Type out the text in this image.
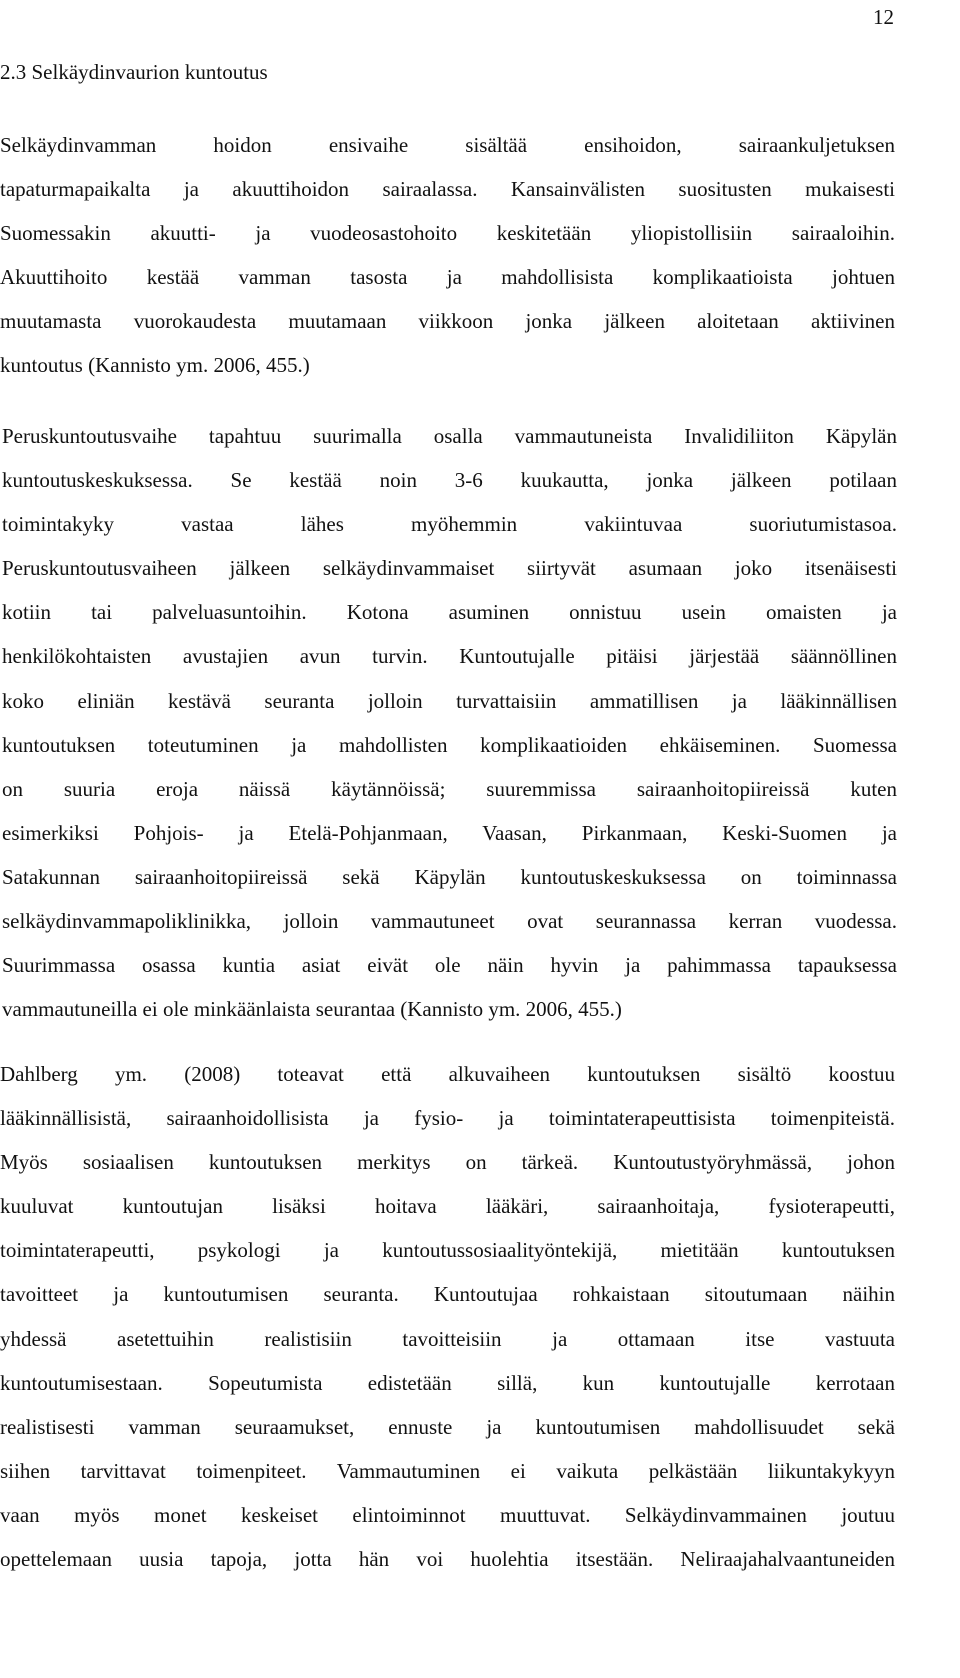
12
2.3 Selkäydinvaurion kuntoutus
Selkäydinvamman hoidon ensivaihe sisältää ensihoidon, sairaankuljetuksen
tapaturmapaikalta ja akuuttihoidon sairaalassa. Kansainvälisten suositusten mukaisesti
Suomessakin akuutti- ja vuodeosastohoito keskitetään yliopistollisiin sairaaloihin.
Akuuttihoito kestää vamman tasosta ja mahdollisista komplikaatioista johtuen
muutamasta vuorokaudesta muutamaan viikkoon jonka jälkeen aloitetaan aktiivinen
kuntoutus (Kannisto ym. 2006, 455.)
Peruskuntoutusvaihe tapahtuu suurimalla osalla vammautuneista Invalidiliiton Käpylän
kuntoutuskeskuksessa. Se kestää noin 3-6 kuukautta, jonka jälkeen potilaan
toimintakyky vastaa lähes myöhemmin vakiintuvaa suoriutumistasoa.
Peruskuntoutusvaiheen jälkeen selkäydinvammaiset siirtyvät asumaan joko itsenäisesti
kotiin tai palveluasuntoihin. Kotona asuminen onnistuu usein omaisten ja
henkilökohtaisten avustajien avun turvin. Kuntoutujalle pitäisi järjestää säännöllinen
koko eliniän kestävä seuranta jolloin turvattaisiin ammatillisen ja lääkinnällisen
kuntoutuksen toteutuminen ja mahdollisten komplikaatioiden ehkäiseminen. Suomessa
on suuria eroja näissä käytännöissä; suuremmissa sairaanhoitopiireissä kuten
esimerkiksi Pohjois- ja Etelä-Pohjanmaan, Vaasan, Pirkanmaan, Keski-Suomen ja
Satakunnan sairaanhoitopiireissä sekä Käpylän kuntoutuskeskuksessa on toiminnassa
selkäydinvammapoliklinikka, jolloin vammautuneet ovat seurannassa kerran vuodessa.
Suurimmassa osassa kuntia asiat eivät ole näin hyvin ja pahimmassa tapauksessa
vammautuneilla ei ole minkäänlaista seurantaa (Kannisto ym. 2006, 455.)
Dahlberg ym. (2008) toteavat että alkuvaiheen kuntoutuksen sisältö koostuu
lääkinnällisistä, sairaanhoidollisista ja fysio- ja toimintaterapeuttisista toimenpiteistä.
Myös sosiaalisen kuntoutuksen merkitys on tärkeä. Kuntoutustyöryhmässä, johon
kuuluvat kuntoutujan lisäksi hoitava lääkäri, sairaanhoitaja, fysioterapeutti,
toimintaterapeutti, psykologi ja kuntoutussosiaalityöntekijä, mietitään kuntoutuksen
tavoitteet ja kuntoutumisen seuranta. Kuntoutujaa rohkaistaan sitoutumaan näihin
yhdessä asetettuihin realistisiin tavoitteisiin ja ottamaan itse vastuuta
kuntoutumisestaan. Sopeutumista edistetään sillä, kun kuntoutujalle kerrotaan
realistisesti vamman seuraamukset, ennuste ja kuntoutumisen mahdollisuudet sekä
siihen tarvittavat toimenpiteet. Vammautuminen ei vaikuta pelkästään liikuntakykyyn
vaan myös monet keskeiset elintoiminnot muuttuvat. Selkäydinvammainen joutuu
opettelemaan uusia tapoja, jotta hän voi huolehtia itsestään. Neliraajahalvaantuneiden
